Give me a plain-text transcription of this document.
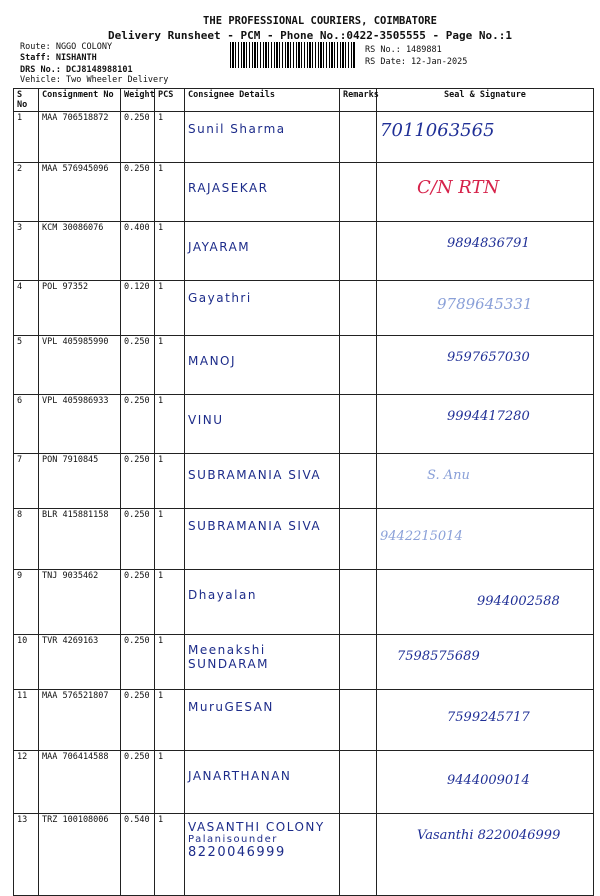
THE PROFESSIONAL COURIERS, COIMBATORE
Delivery Runsheet - PCM - Phone No.:0422-3505555 - Page No.:1
Route: NGGO COLONY
Staff: NISHANTH
DRS No.: DCJ8148988101
Vehicle: Two Wheeler Delivery
RS No.: 1489881
RS Date: 12-Jan-2025
S No	Consignment No	Weight	PCS	Consignee Details	Remarks	Seal & Signature
1	MAA 706518872	0.250	1	Sunil Sharma		7011063565
2	MAA 576945096	0.250	1	RAJASEKAR		C/N RTN
3	KCM 30086076	0.400	1	JAYARAM		9894836791
4	POL 97352	0.120	1	Gayathri		9789645331
5	VPL 405985990	0.250	1	MANOJ		9597657030
6	VPL 405986933	0.250	1	VINU		9994417280
7	PON 7910845	0.250	1	SUBRAMANIA SIVA		S. Anu
8	BLR 415881158	0.250	1	SUBRAMANIA SIVA		9442215014
9	TNJ 9035462	0.250	1	Dhayalan		9944002588
10	TVR 4269163	0.250	1	Meenakshi SUNDARAM		7598575689
11	MAA 576521807	0.250	1	MuruGESAN		7599245717
12	MAA 706414588	0.250	1	JANARTHANAN		9444009014
13	TRZ 100108006	0.540	1	VASANTHI COLONY
Palanisounder
8220046999		Vasanthi 8220046999
